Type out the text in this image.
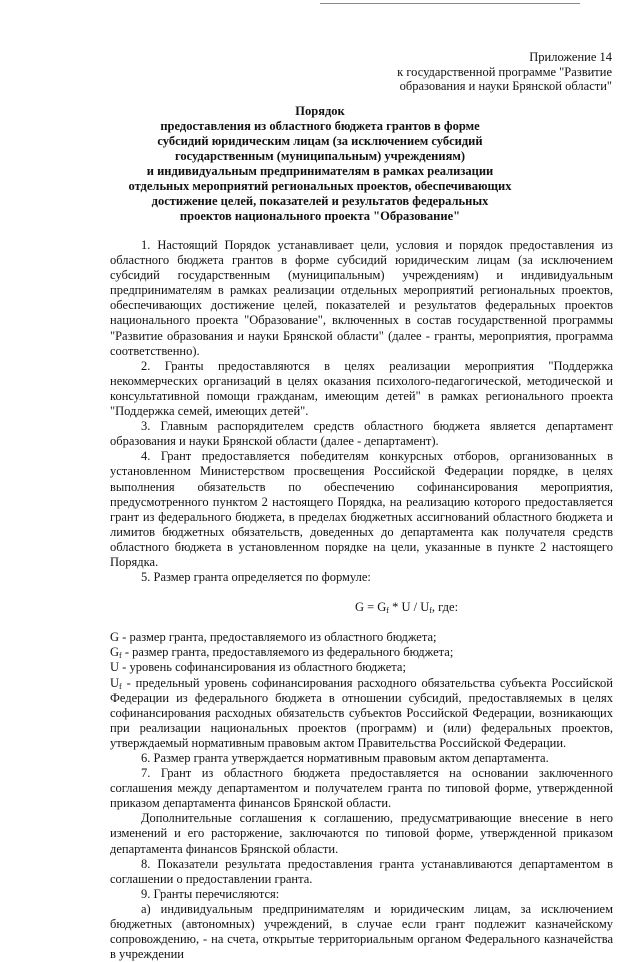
Приложение 14
к государственной программе "Развитие
образования и науки Брянской области"
Порядок
предоставления из областного бюджета грантов в форме
субсидий юридическим лицам (за исключением субсидий
государственным (муниципальным) учреждениям)
и индивидуальным предпринимателям в рамках реализации
отдельных мероприятий региональных проектов, обеспечивающих
достижение целей, показателей и результатов федеральных
проектов национального проекта "Образование"

1. Настоящий Порядок устанавливает цели, условия и порядок предоставления из областного бюджета грантов в форме субсидий юридическим лицам (за исключением субсидий государственным (муниципальным) учреждениям) и индивидуальным предпринимателям в рамках реализации отдельных мероприятий региональных проектов, обеспечивающих достижение целей, показателей и результатов федеральных проектов национального проекта "Образование", включенных в состав государственной программы "Развитие образования и науки Брянской области" (далее - гранты, мероприятия, программа соответственно).

2. Гранты предоставляются в целях реализации мероприятия "Поддержка некоммерческих организаций в целях оказания психолого-педагогической, методической и консультативной помощи гражданам, имеющим детей" в рамках регионального проекта "Поддержка семей, имеющих детей".

3. Главным распорядителем средств областного бюджета является департамент образования и науки Брянской области (далее - департамент).

4. Грант предоставляется победителям конкурсных отборов, организованных в установленном Министерством просвещения Российской Федерации порядке, в целях выполнения обязательств по обеспечению софинансирования мероприятия, предусмотренного пунктом 2 настоящего Порядка, на реализацию которого предоставляется грант из федерального бюджета, в пределах бюджетных ассигнований областного бюджета и лимитов бюджетных обязательств, доведенных до департамента как получателя средств областного бюджета в установленном порядке на цели, указанные в пункте 2 настоящего Порядка.

5. Размер гранта определяется по формуле:

$G = G_f * U / U_f$, где:

G - размер гранта, предоставляемого из областного бюджета;

$G_f$ - размер гранта, предоставляемого из федерального бюджета;

U - уровень софинансирования из областного бюджета;

$U_f$ - предельный уровень софинансирования расходного обязательства субъекта Российской Федерации из федерального бюджета в отношении субсидий, предоставляемых в целях софинансирования расходных обязательств субъектов Российской Федерации, возникающих при реализации национальных проектов (программ) и (или) федеральных проектов, утверждаемый нормативным правовым актом Правительства Российской Федерации.

6. Размер гранта утверждается нормативным правовым актом департамента.

7. Грант из областного бюджета предоставляется на основании заключенного соглашения между департаментом и получателем гранта по типовой форме, утвержденной приказом департамента финансов Брянской области.

Дополнительные соглашения к соглашению, предусматривающие внесение в него изменений и его расторжение, заключаются по типовой форме, утвержденной приказом департамента финансов Брянской области.

8. Показатели результата предоставления гранта устанавливаются департаментом в соглашении о предоставлении гранта.

9. Гранты перечисляются:

а) индивидуальным предпринимателям и юридическим лицам, за исключением бюджетных (автономных) учреждений, в случае если грант подлежит казначейскому сопровождению, - на счета, открытые территориальным органом Федерального казначейства в учреждении
